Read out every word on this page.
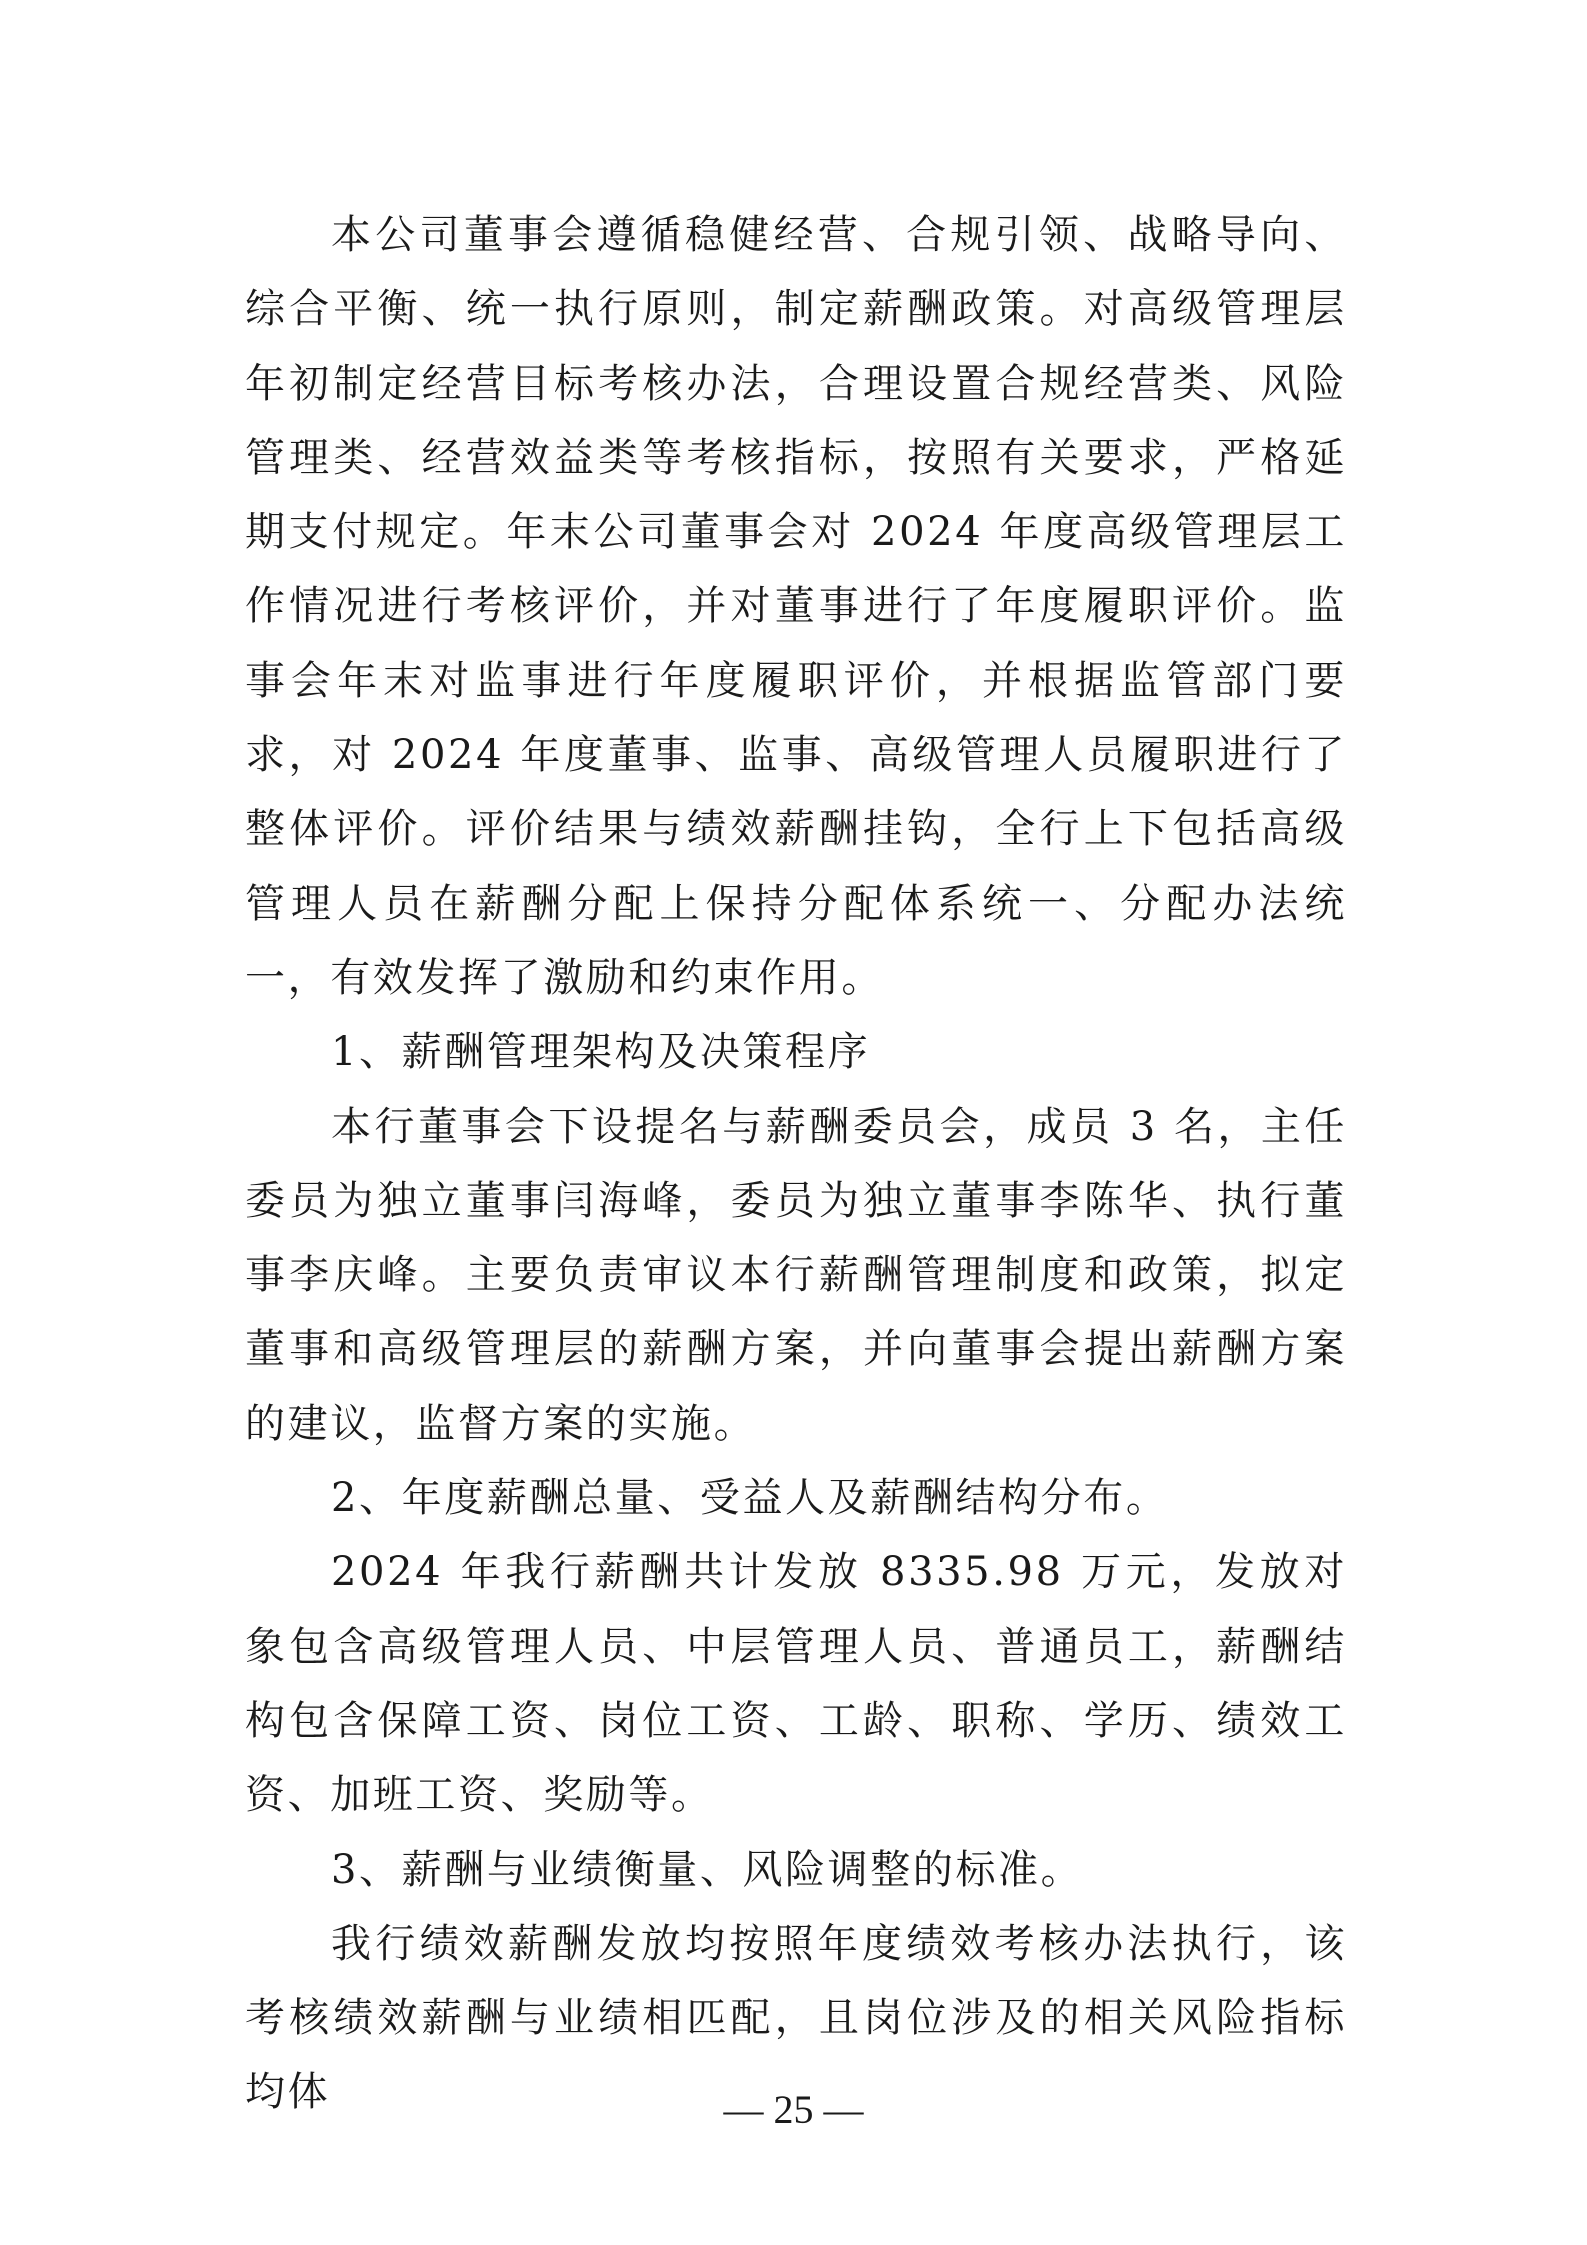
本公司董事会遵循稳健经营、合规引领、战略导向、综合平衡、统一执行原则，制定薪酬政策。对高级管理层年初制定经营目标考核办法，合理设置合规经营类、风险管理类、经营效益类等考核指标，按照有关要求，严格延期支付规定。年末公司董事会对 2024 年度高级管理层工作情况进行考核评价，并对董事进行了年度履职评价。监事会年末对监事进行年度履职评价，并根据监管部门要求，对 2024 年度董事、监事、高级管理人员履职进行了整体评价。评价结果与绩效薪酬挂钩，全行上下包括高级管理人员在薪酬分配上保持分配体系统一、分配办法统一，有效发挥了激励和约束作用。

1、薪酬管理架构及决策程序

本行董事会下设提名与薪酬委员会，成员 3 名，主任委员为独立董事闫海峰，委员为独立董事李陈华、执行董事李庆峰。主要负责审议本行薪酬管理制度和政策，拟定董事和高级管理层的薪酬方案，并向董事会提出薪酬方案的建议，监督方案的实施。

2、年度薪酬总量、受益人及薪酬结构分布。

2024 年我行薪酬共计发放 8335.98 万元，发放对象包含高级管理人员、中层管理人员、普通员工，薪酬结构包含保障工资、岗位工资、工龄、职称、学历、绩效工资、加班工资、奖励等。

3、薪酬与业绩衡量、风险调整的标准。

我行绩效薪酬发放均按照年度绩效考核办法执行，该考核绩效薪酬与业绩相匹配，且岗位涉及的相关风险指标均体	— 25 —
